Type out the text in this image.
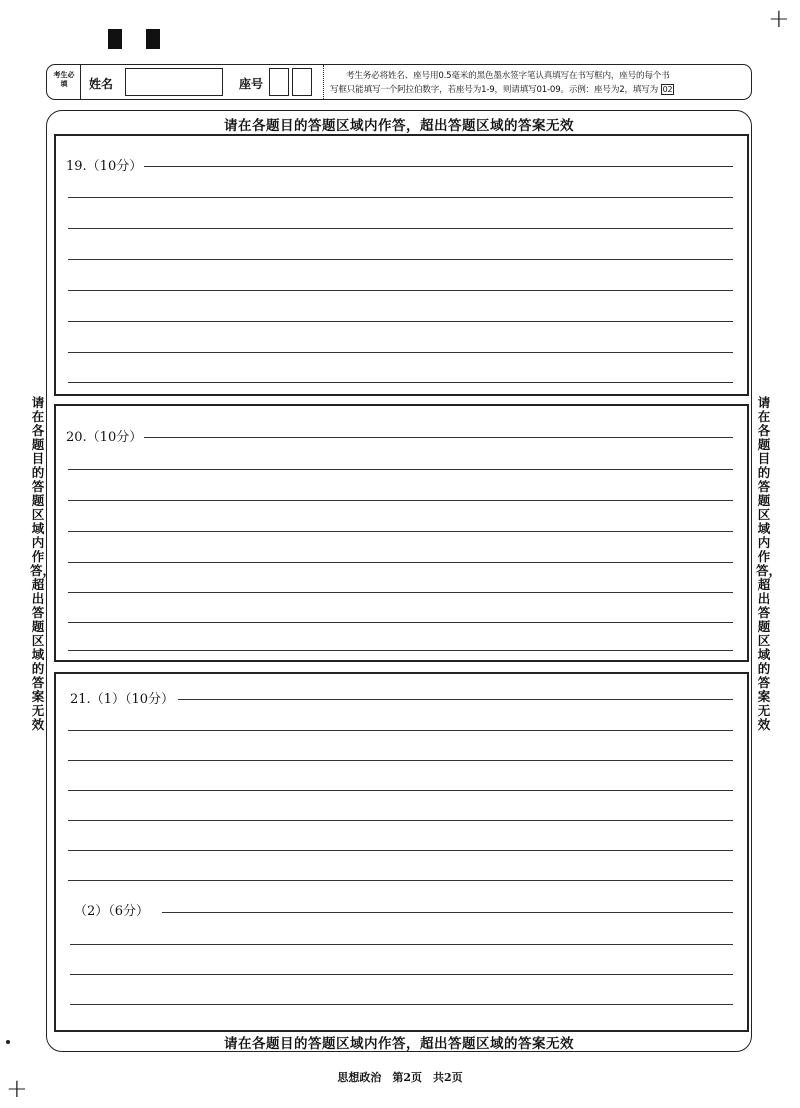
+
+
考生必填	姓名	座号
考生务必将姓名、座号用0.5毫米的黑色墨水签字笔认真填写在书写框内，座号的每个书
写框只能填写一个阿拉伯数字，若座号为1-9，则请填写01-09。示例：座号为2，填写为 02
请在各题目的答题区域内作答，超出答题区域的答案无效
请在各题目的答题区域内作答，超出答题区域的答案无效
请在各题目的答题区域内作答，超出答题区域的答案无效
请在各题目的答题区域内作答，超出答题区域的答案无效
19.（10分）
20.（10分）
21.（1）（10分）
（2）（6分）
思想政治　第2页　共2页
